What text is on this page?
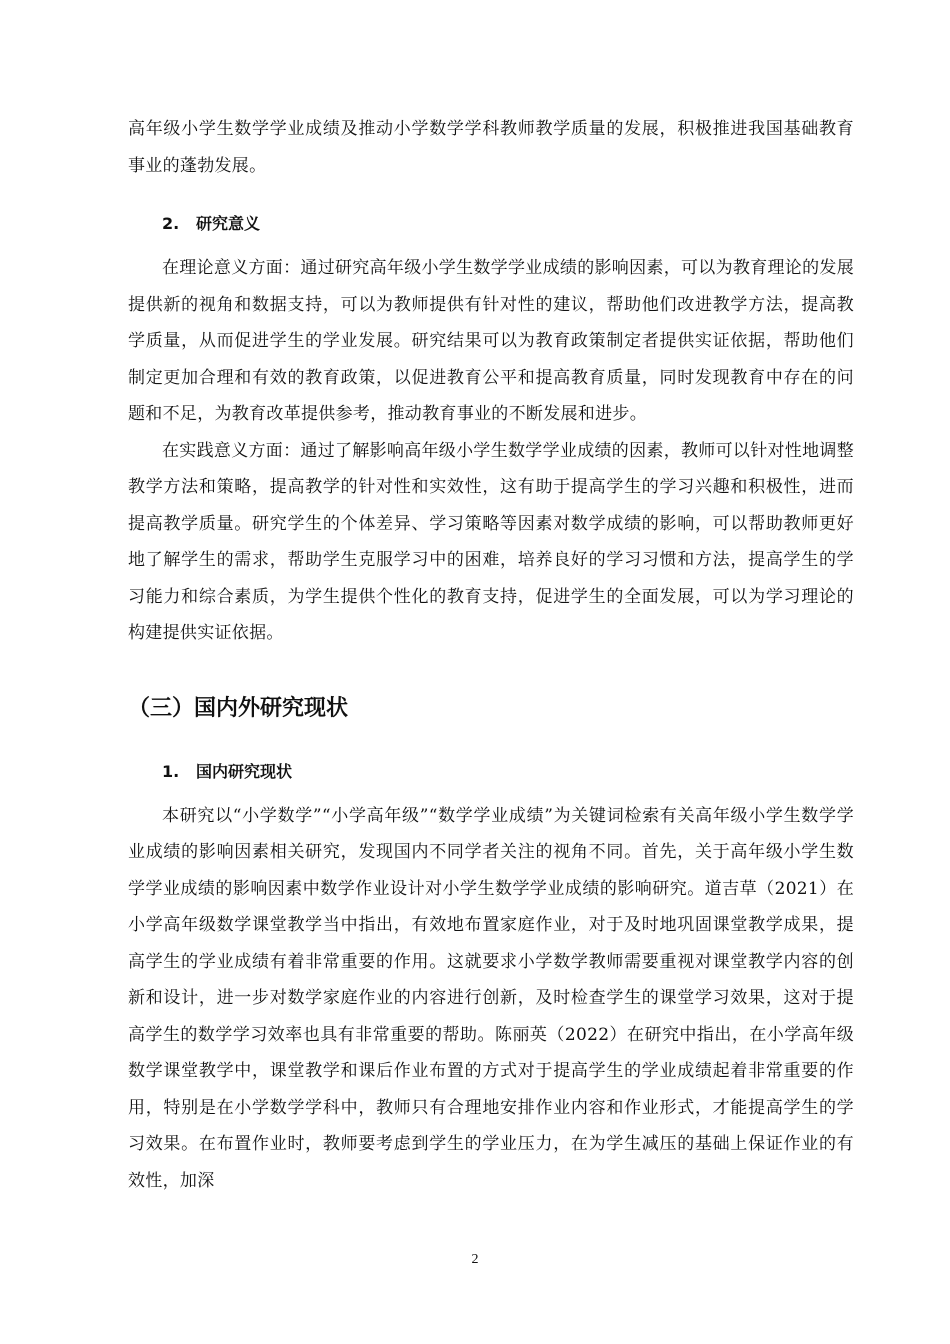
高年级小学生数学学业成绩及推动小学数学学科教师教学质量的发展，积极推进我国基础教育事业的蓬勃发展。

2. 研究意义

在理论意义方面：通过研究高年级小学生数学学业成绩的影响因素，可以为教育理论的发展提供新的视角和数据支持，可以为教师提供有针对性的建议，帮助他们改进教学方法，提高教学质量，从而促进学生的学业发展。研究结果可以为教育政策制定者提供实证依据，帮助他们制定更加合理和有效的教育政策，以促进教育公平和提高教育质量，同时发现教育中存在的问题和不足，为教育改革提供参考，推动教育事业的不断发展和进步。

在实践意义方面：通过了解影响高年级小学生数学学业成绩的因素，教师可以针对性地调整教学方法和策略，提高教学的针对性和实效性，这有助于提高学生的学习兴趣和积极性，进而提高教学质量。研究学生的个体差异、学习策略等因素对数学成绩的影响，可以帮助教师更好地了解学生的需求，帮助学生克服学习中的困难，培养良好的学习习惯和方法，提高学生的学习能力和综合素质，为学生提供个性化的教育支持，促进学生的全面发展，可以为学习理论的构建提供实证依据。

（三）国内外研究现状

1. 国内研究现状

本研究以“小学数学”“小学高年级”“数学学业成绩”为关键词检索有关高年级小学生数学学业成绩的影响因素相关研究，发现国内不同学者关注的视角不同。首先，关于高年级小学生数学学业成绩的影响因素中数学作业设计对小学生数学学业成绩的影响研究。道吉草（2021）在小学高年级数学课堂教学当中指出，有效地布置家庭作业，对于及时地巩固课堂教学成果，提高学生的学业成绩有着非常重要的作用。这就要求小学数学教师需要重视对课堂教学内容的创新和设计，进一步对数学家庭作业的内容进行创新，及时检查学生的课堂学习效果，这对于提高学生的数学学习效率也具有非常重要的帮助。陈丽英（2022）在研究中指出，在小学高年级数学课堂教学中，课堂教学和课后作业布置的方式对于提高学生的学业成绩起着非常重要的作用，特别是在小学数学学科中，教师只有合理地安排作业内容和作业形式，才能提高学生的学习效果。在布置作业时，教师要考虑到学生的学业压力，在为学生减压的基础上保证作业的有效性，加深

2
